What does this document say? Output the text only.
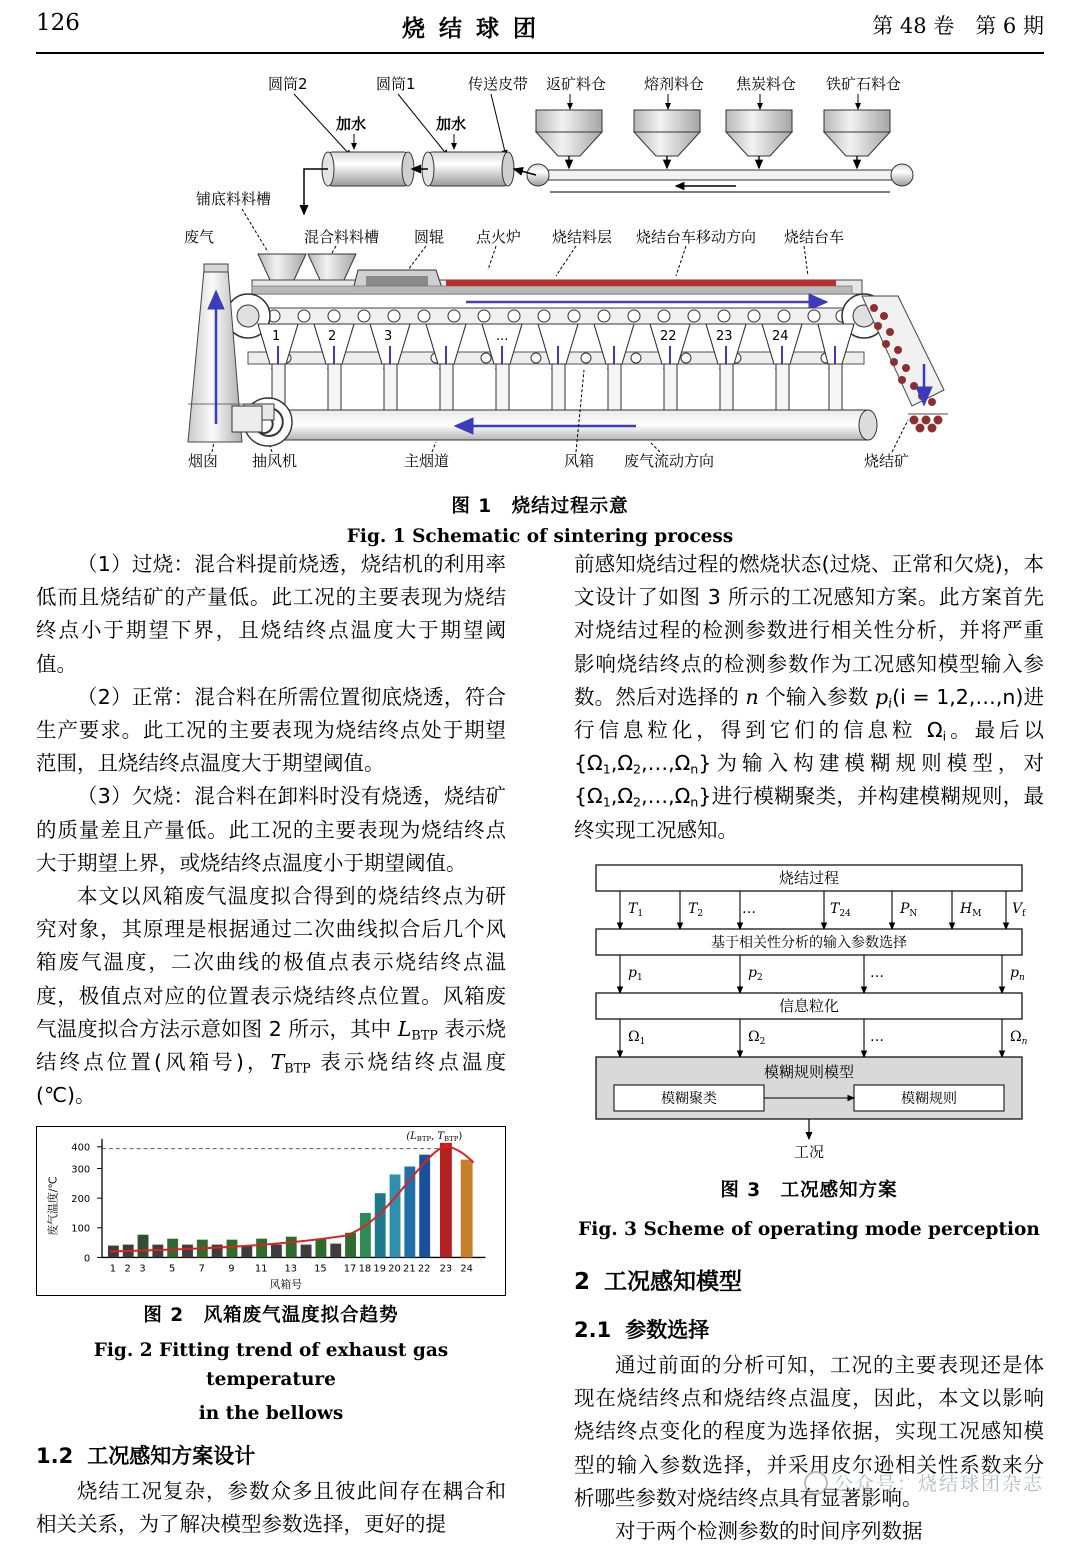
126	烧结球团	第 48 卷　第 6 期
圆筒2	圆筒1	传送皮带 返矿料仓	熔剂料仓 焦炭料仓 铁矿石料仓
加水	加水
铺底料料槽
废气	混合料料槽 圆辊 点火炉 烧结料层 烧结台车移动方向 烧结台车
1	2	3	...	22	23	24
烟囱 抽风机	主烟道	风箱 废气流动方向	烧结矿
图 1　烧结过程示意
Fig. 1 Schematic of sintering process

（1）过烧：混合料提前烧透，烧结机的利用率低而且烧结矿的产量低。此工况的主要表现为烧结终点小于期望下界，且烧结终点温度大于期望阈值。

（2）正常：混合料在所需位置彻底烧透，符合生产要求。此工况的主要表现为烧结终点处于期望范围，且烧结终点温度大于期望阈值。

（3）欠烧：混合料在卸料时没有烧透，烧结矿的质量差且产量低。此工况的主要表现为烧结终点大于期望上界，或烧结终点温度小于期望阈值。

本文以风箱废气温度拟合得到的烧结终点为研究对象，其原理是根据通过二次曲线拟合后几个风箱废气温度，二次曲线的极值点表示烧结终点温度，极值点对应的位置表示烧结终点位置。风箱废气温度拟合方法示意如图 2 所示，其中 $L_{BTP}$ 表示烧结终点位置(风箱号)，$T_{BTP}$ 表示烧结终点温度(℃)。

0
100
200
300
400
废气温度/℃
($L_{BTP}$, $T_{BTP}$)
1 2 3 5 7 9 11 13 15 17 18 19 20 21 22 23 24
风箱号
图 2　风箱废气温度拟合趋势
Fig. 2 Fitting trend of exhaust gas temperature
in the bellows
1.2 工况感知方案设计

烧结工况复杂，参数众多且彼此间存在耦合和相关关系，为了解决模型参数选择，更好的提

前感知烧结过程的燃烧状态(过烧、正常和欠烧)，本文设计了如图 3 所示的工况感知方案。此方案首先对烧结过程的检测参数进行相关性分析，并将严重影响烧结终点的检测参数作为工况感知模型输入参数。然后对选择的 n 个输入参数 $p_i(i$ = 1,2,…,n)进行信息粒化，得到它们的信息粒 $\Omega_i$。最后以$\{\Omega_1,\Omega_2,\dots,\Omega_n\}$为输入构建模糊规则模型，对$\{\Omega_1,\Omega_2,\dots,\Omega_n\}$进行模糊聚类，并构建模糊规则，最终实现工况感知。

烧结过程
$T_1$	$T_2$	…	$T_{24}$	$P_N$	$H_M$ $V_f$
基于相关性分析的输入参数选择
$p_1$	$p_2$	…	$p_n$
信息粒化
$\Omega_1$	$\Omega_2$	…	$\Omega_n$
模糊规则模型
模糊聚类	模糊规则
工况
图 3　工况感知方案
Fig. 3 Scheme of operating mode perception
2 工况感知模型
2.1 参数选择

通过前面的分析可知，工况的主要表现还是体现在烧结终点和烧结终点温度，因此，本文以影响烧结终点变化的程度为选择依据，实现工况感知模型的输入参数选择，并采用皮尔逊相关性系数来分析哪些参数对烧结终点具有显著影响。

对于两个检测参数的时间序列数据

公众号：烧结球团杂志
